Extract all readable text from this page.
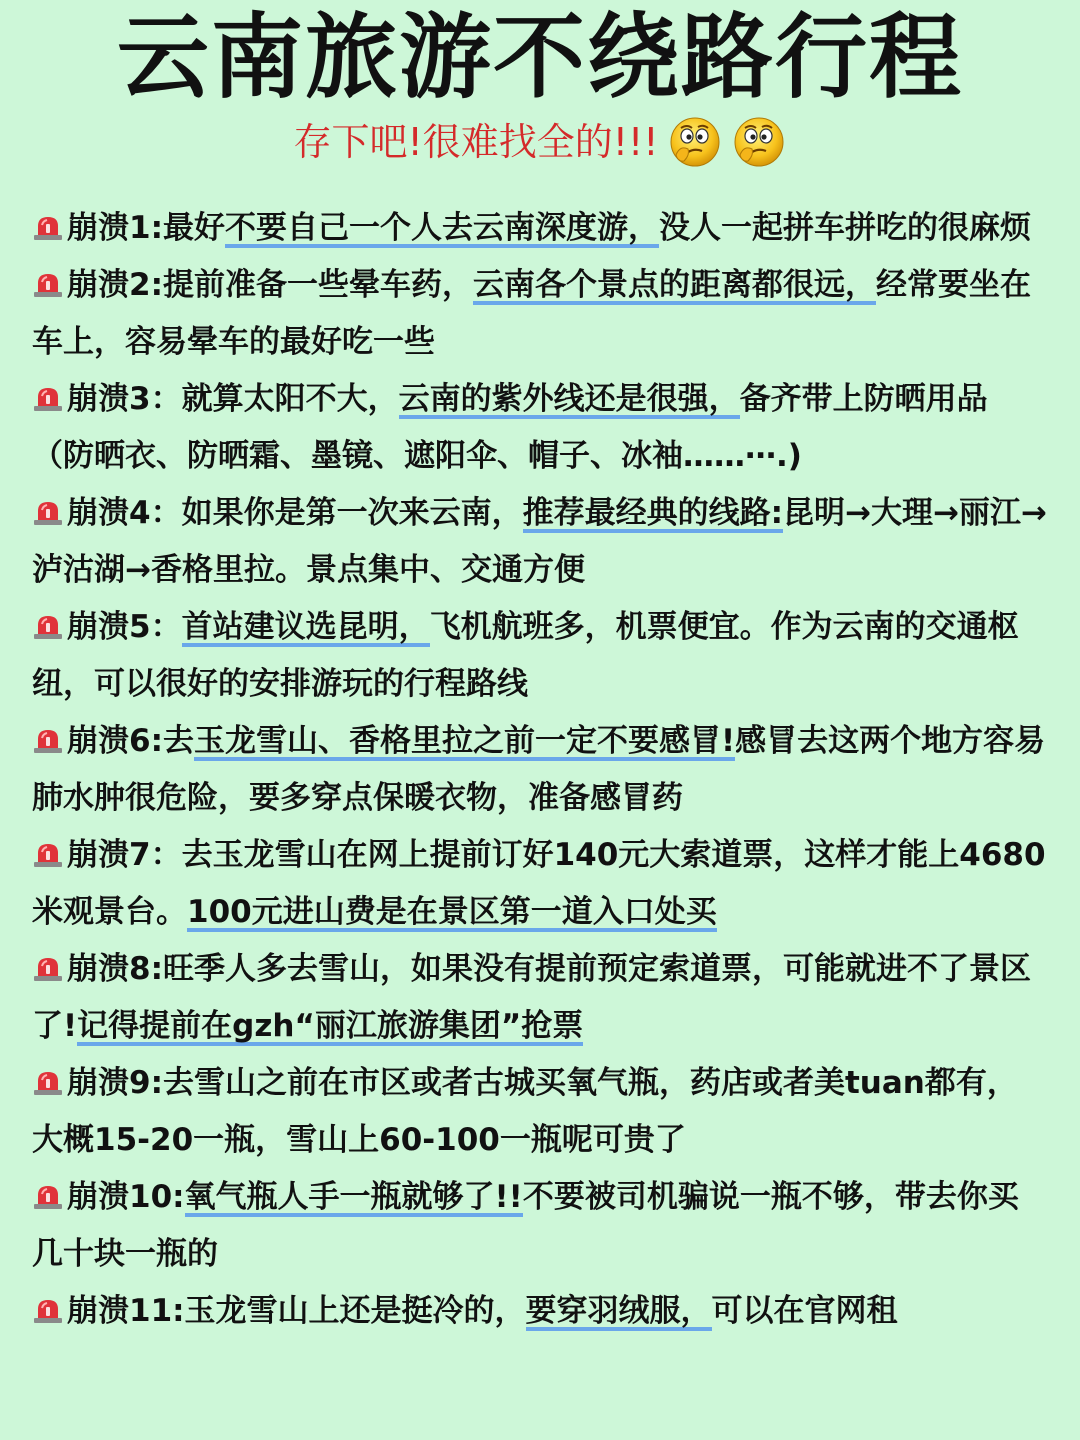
云南旅游不绕路行程
存下吧!很难找全的!!!

崩溃1:最好不要自己一个人去云南深度游，没人一起拼车拼吃的很麻烦

崩溃2:提前准备一些晕车药，云南各个景点的距离都很远，经常要坐在车上，容易晕车的最好吃一些

崩溃3：就算太阳不大，云南的紫外线还是很强，备齐带上防晒用品（防晒衣、防晒霜、墨镜、遮阳伞、帽子、冰袖……⋯.)

崩溃4：如果你是第一次来云南，推荐最经典的线路:昆明→大理→丽江→泸沽湖→香格里拉。景点集中、交通方便

崩溃5：首站建议选昆明，飞机航班多，机票便宜。作为云南的交通枢纽，可以很好的安排游玩的行程路线

崩溃6:去玉龙雪山、香格里拉之前一定不要感冒!感冒去这两个地方容易肺水肿很危险，要多穿点保暖衣物，准备感冒药

崩溃7：去玉龙雪山在网上提前订好140元大索道票，这样才能上4680米观景台。100元进山费是在景区第一道入口处买

崩溃8:旺季人多去雪山，如果没有提前预定索道票，可能就进不了景区了!记得提前在gzh“丽江旅游集团”抢票

崩溃9:去雪山之前在市区或者古城买氧气瓶，药店或者美tuan都有，大概15-20一瓶，雪山上60-100一瓶呢可贵了

崩溃10:氧气瓶人手一瓶就够了!!不要被司机骗说一瓶不够，带去你买几十块一瓶的

崩溃11:玉龙雪山上还是挺冷的，要穿羽绒服，可以在官网租
